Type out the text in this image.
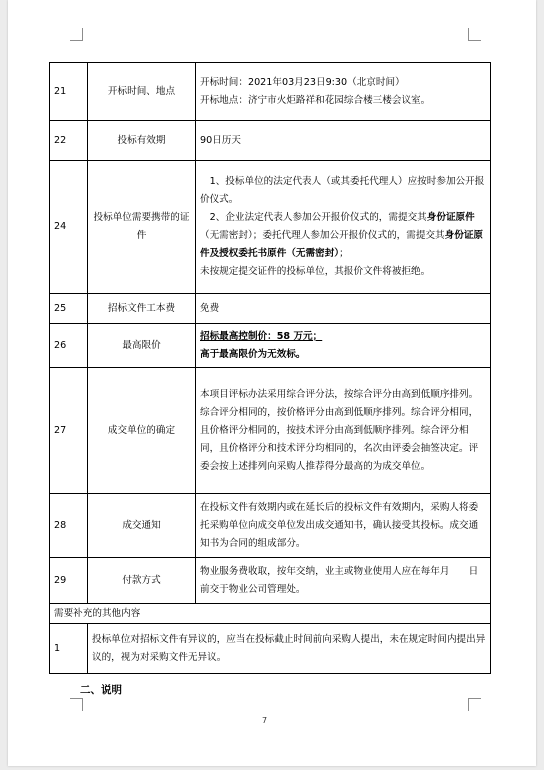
21	开标时间、地点	开标时间：2021年03月23日9:30（北京时间）
开标地点：济宁市火炬路祥和花园综合楼三楼会议室。

22	投标有效期	90日历天
24	投标单位需要携带的证件	1、投标单位的法定代表人（或其委托代理人）应按时参加公开报价仪式。
2、企业法定代表人参加公开报价仪式的，需提交其身份证原件（无需密封）；委托代理人参加公开报价仪式的，需提交其身份证原件及授权委托书原件（无需密封）；
未按规定提交证件的投标单位，其报价文件将被拒绝。

25	招标文件工本费	免费
26	最高限价	招标最高控制价：58 万元；
高于最高限价为无效标。

27	成交单位的确定	本项目评标办法采用综合评分法，按综合评分由高到低顺序排列。综合评分相同的，按价格评分由高到低顺序排列。综合评分相同，且价格评分相同的，按技术评分由高到低顺序排列。综合评分相同，且价格评分和技术评分均相同的，名次由评委会抽签决定。评委会按上述排列向采购人推荐得分最高的为成交单位。
28	成交通知	在投标文件有效期内或在延长后的投标文件有效期内，采购人将委托采购单位向成交单位发出成交通知书，确认接受其投标。成交通知书为合同的组成部分。
29	付款方式	物业服务费收取，按年交纳，业主或物业使用人应在每年月　　日前交于物业公司管理处。
需要补充的其他内容		
1	投标单位对招标文件有异议的，应当在投标截止时间前向采购人提出，未在规定时间内提出异议的，视为对采购文件无异议。	
二、说明
7
